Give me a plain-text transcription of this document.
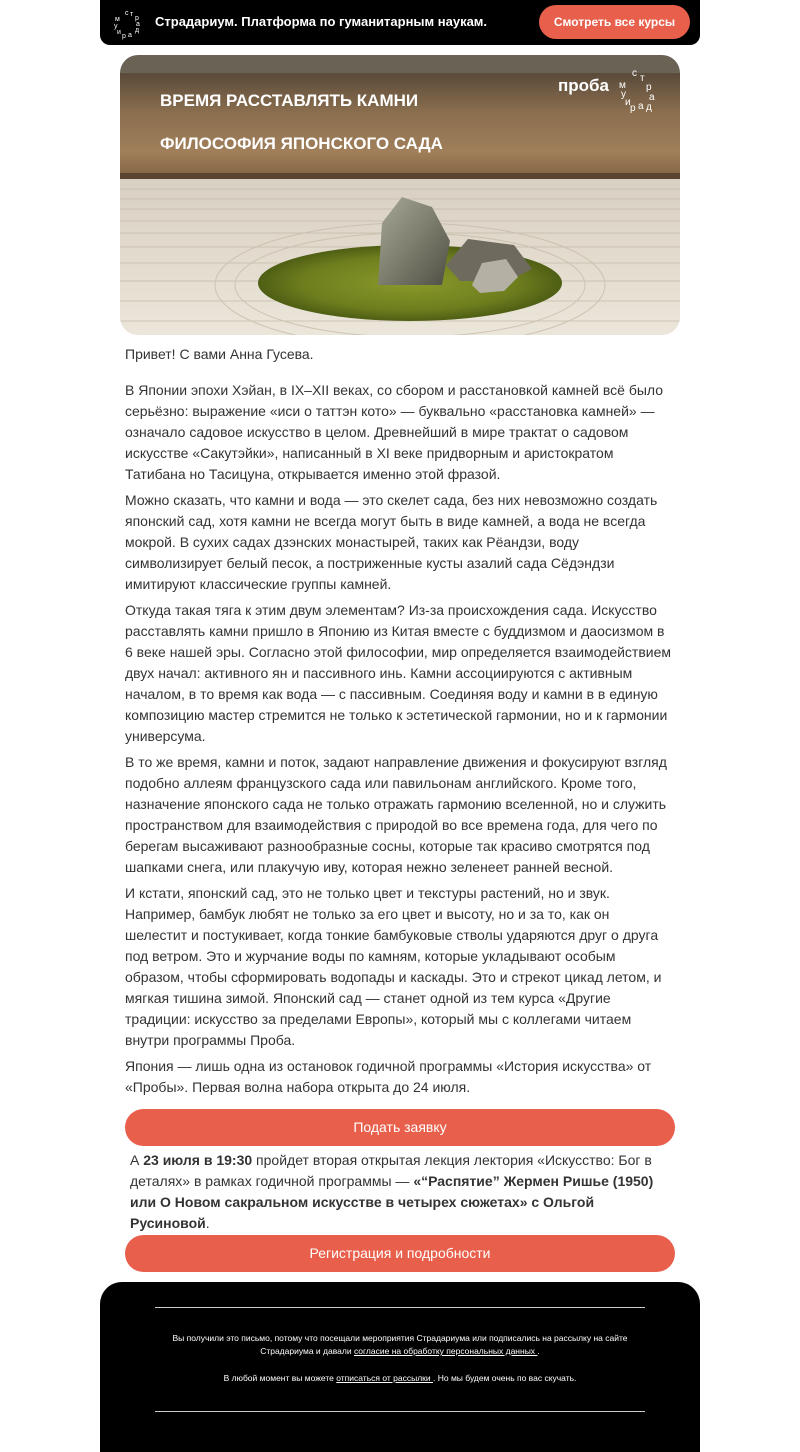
с т
р
а
д
а
р
и
у
м	Страдариум. Платформа по гуманитарным наукам.	Смотреть все курсы
ВРЕМЯ РАССТАВЛЯТЬ КАМНИ
ФИЛОСОФИЯ ЯПОНСКОГО САДА
проба
с т
р
а
д
а
р
и
у
м

Привет! С вами Анна Гусева.

В Японии эпохи Хэйан, в IX–XII веках, со сбором и расстановкой камней всё было серьёзно: выражение «иси о таттэн кото» — буквально «расстановка камней» — означало садовое искусство в целом. Древнейший в мире трактат о садовом искусстве «Сакутэйки», написанный в XI веке придворным и аристократом Татибана но Тасицуна, открывается именно этой фразой.

Можно сказать, что камни и вода — это скелет сада, без них невозможно создать японский сад, хотя камни не всегда могут быть в виде камней, а вода не всегда мокрой. В сухих садах дзэнских монастырей, таких как Рёандзи, воду символизирует белый песок, а постриженные кусты азалий сада Сёдэндзи имитируют классические группы камней.

Откуда такая тяга к этим двум элементам? Из-за происхождения сада. Искусство расставлять камни пришло в Японию из Китая вместе с буддизмом и даосизмом в 6 веке нашей эры. Согласно этой философии, мир определяется взаимодействием двух начал: активного ян и пассивного инь. Камни ассоциируются с активным началом, в то время как вода — с пассивным. Соединяя воду и камни в в единую композицию мастер стремится не только к эстетической гармонии, но и к гармонии универсума.

В то же время, камни и поток, задают направление движения и фокусируют взгляд подобно аллеям французского сада или павильонам английского. Кроме того, назначение японского сада не только отражать гармонию вселенной, но и служить пространством для взаимодействия с природой во все времена года, для чего по берегам высаживают разнообразные сосны, которые так красиво смотрятся под шапками снега, или плакучую иву, которая нежно зеленеет ранней весной.

И кстати, японский сад, это не только цвет и текстуры растений, но и звук. Например, бамбук любят не только за его цвет и высоту, но и за то, как он шелестит и постукивает, когда тонкие бамбуковые стволы ударяются друг о друга под ветром. Это и журчание воды по камням, которые укладывают особым образом, чтобы сформировать водопады и каскады. Это и стрекот цикад летом, и мягкая тишина зимой. Японский сад — станет одной из тем курса «Другие традиции: искусство за пределами Европы», который мы с коллегами читаем внутри программы Проба.

Япония — лишь одна из остановок годичной программы «История искусства» от «Пробы». Первая волна набора открыта до 24 июля.

Подать заявку
А 23 июля в 19:30 пройдет вторая открытая лекция лектория «Искусство: Бог в деталях» в рамках годичной программы — «“Распятие” Жермен Ришье (1950) или О Новом сакральном искусстве в четырех сюжетах» с Ольгой Русиновой.
Регистрация и подробности
Вы получили это письмо, потому что посещали мероприятия Страдариума или подписались на рассылку на сайте Страдариума и давали согласие на обработку персональных данных .
В любой момент вы можете отписаться от рассылки . Но мы будем очень по вас скучать.
